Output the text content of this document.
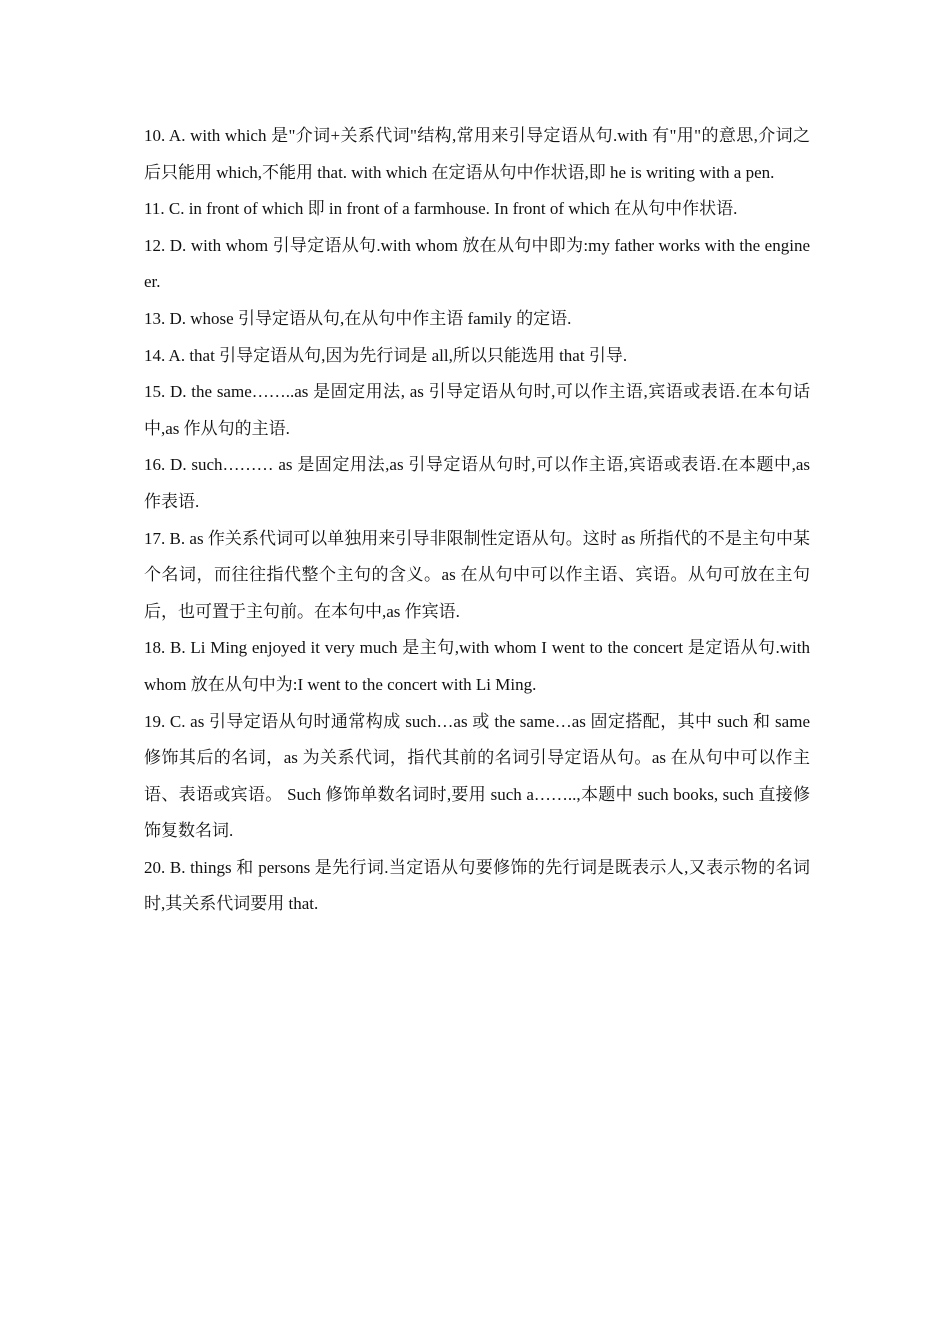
10. A. with which 是"介词+关系代词"结构,常用来引导定语从句.with 有"用"的意思,介词之后只能用 which,不能用 that. with which 在定语从句中作状语,即 he is writing with a pen.

11. C. in front of which 即 in front of a farmhouse. In front of which 在从句中作状语.

12. D. with whom 引导定语从句.with whom 放在从句中即为:my father works with the engineer.

13. D. whose 引导定语从句,在从句中作主语 family 的定语.

14. A. that 引导定语从句,因为先行词是 all,所以只能选用 that 引导.

15. D. the same……..as 是固定用法, as 引导定语从句时,可以作主语,宾语或表语.在本句话中,as 作从句的主语.

16. D. such……… as 是固定用法,as 引导定语从句时,可以作主语,宾语或表语.在本题中,as 作表语.

17. B. as 作关系代词可以单独用来引导非限制性定语从句。这时 as 所指代的不是主句中某个名词，而往往指代整个主句的含义。as 在从句中可以作主语、宾语。从句可放在主句后，也可置于主句前。在本句中,as 作宾语.

18. B. Li Ming enjoyed it very much 是主句,with whom I went to the concert 是定语从句.with whom 放在从句中为:I went to the concert with Li Ming.

19. C. as 引导定语从句时通常构成 such…as 或 the same…as 固定搭配，其中 such 和 same 修饰其后的名词，as 为关系代词，指代其前的名词引导定语从句。as 在从句中可以作主语、表语或宾语。 Such 修饰单数名词时,要用 such a……..,本题中 such books, such 直接修饰复数名词.

20. B. things 和 persons 是先行词.当定语从句要修饰的先行词是既表示人,又表示物的名词时,其关系代词要用 that.
